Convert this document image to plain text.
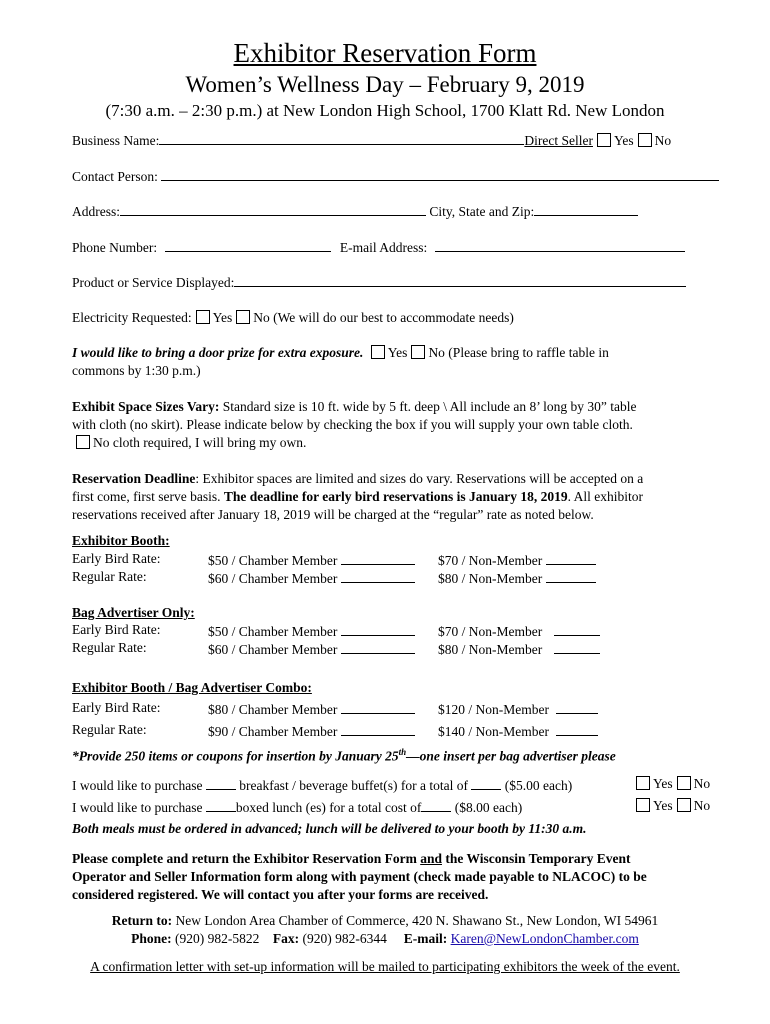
Exhibitor Reservation Form
Women’s Wellness Day – February 9, 2019
(7:30 a.m. – 2:30 p.m.) at New London High School, 1700 Klatt Rd. New London
Business Name:	Direct Seller Yes No
Contact Person:
Address:	City, State and Zip:
Phone Number:	E-mail Address:
Product or Service Displayed:
Electricity Requested: Yes No (We will do our best to accommodate needs)
I would like to bring a door prize for extra exposure. Yes No (Please bring to raffle table in
commons by 1:30 p.m.)
Exhibit Space Sizes Vary: Standard size is 10 ft. wide by 5 ft. deep \ All include an 8’ long by 30” table
with cloth (no skirt). Please indicate below by checking the box if you will supply your own table cloth.
No cloth required, I will bring my own.
Reservation Deadline: Exhibitor spaces are limited and sizes do vary. Reservations will be accepted on a
first come, first serve basis. The deadline for early bird reservations is January 18, 2019. All exhibitor
reservations received after January 18, 2019 will be charged at the “regular” rate as noted below.
Exhibitor Booth:
Early Bird Rate:	$50 / Chamber Member	$70 / Non-Member
Regular Rate:	$60 / Chamber Member	$80 / Non-Member
Bag Advertiser Only:
Early Bird Rate:	$50 / Chamber Member	$70 / Non-Member
Regular Rate:	$60 / Chamber Member	$80 / Non-Member
Exhibitor Booth / Bag Advertiser Combo:
Early Bird Rate:	$80 / Chamber Member	$120 / Non-Member
Regular Rate:	$90 / Chamber Member	$140 / Non-Member
*Provide 250 items or coupons for insertion by January 25th—one insert per bag advertiser please
I would like to purchase	breakfast / beverage buffet(s) for a total of	($5.00 each)	Yes No
I would like to purchase boxed lunch (es) for a total cost of ($8.00 each)	Yes No
Both meals must be ordered in advanced; lunch will be delivered to your booth by 11:30 a.m.
Please complete and return the Exhibitor Reservation Form and the Wisconsin Temporary Event
Operator and Seller Information form along with payment (check made payable to NLACOC) to be
considered registered. We will contact you after your forms are received.
Return to: New London Area Chamber of Commerce, 420 N. Shawano St., New London, WI 54961
Phone: (920) 982-5822 Fax: (920) 982-6344 E-mail: Karen@NewLondonChamber.com
A confirmation letter with set-up information will be mailed to participating exhibitors the week of the event.
